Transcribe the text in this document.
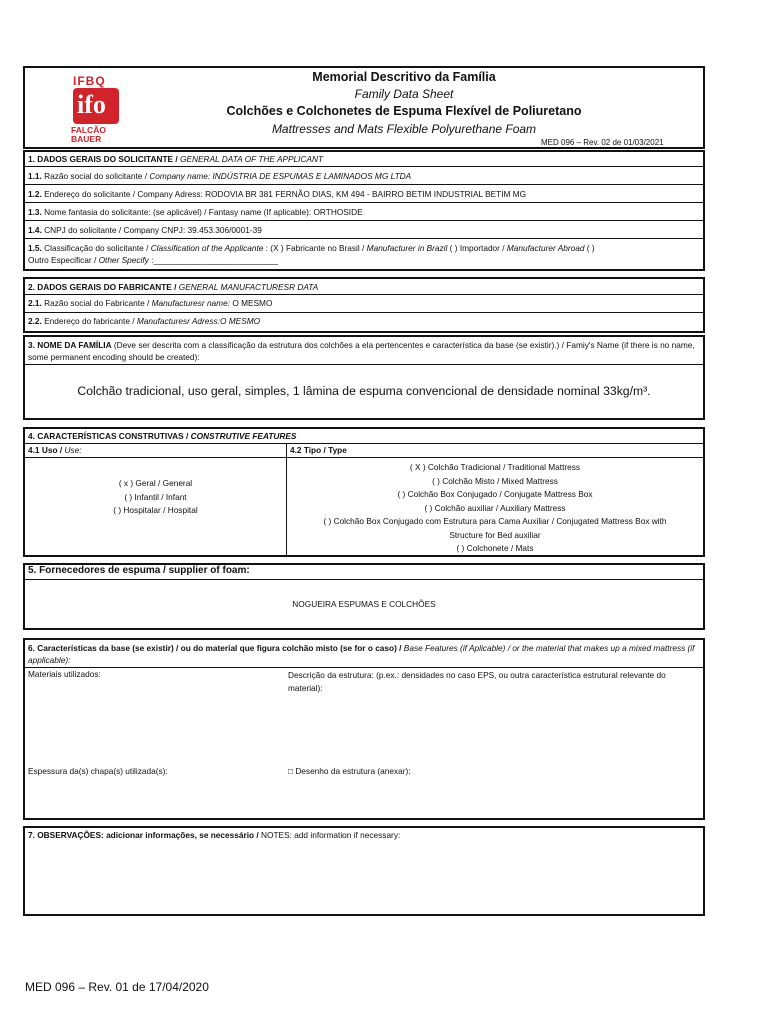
IFBQ
ifo
FALCÃO
BAUER
Memorial Descritivo da Família
Family Data Sheet
Colchões e Colchonetes de Espuma Flexível de Poliuretano
Mattresses and Mats Flexible Polyurethane Foam
MED 096 – Rev. 02 de 01/03/2021
1. DADOS GERAIS DO SOLICITANTE / GENERAL DATA OF THE APPLICANT
1.1. Razão social do solicitante / Company name: INDÚSTRIA DE ESPUMAS E LAMINADOS MG LTDA
1.2. Endereço do solicitante / Company Adress: RODOVIA BR 381 FERNÃO DIAS, KM 494 - BAIRRO BETIM INDUSTRIAL BETIM MG
1.3. Nome fantasia do solicitante: (se aplicável) / Fantasy name (If aplicable): ORTHOSIDE
1.4. CNPJ do solicitante / Company CNPJ: 39.453.306/0001-39
1.5. Classificação do solicitante / Classification of the Applicante : (X ) Fabricante no Brasil / Manufacturer in Brazil ( ) Importador / Manufacturer Abroad ( )
Outro Especificar / Other Specify :___________________________
2. DADOS GERAIS DO FABRICANTE / GENERAL MANUFACTURESR DATA
2.1. Razão social do Fabricante / Manufacturesr name: O MESMO
2.2. Endereço do fabricante / Manufacturesr Adress:O MESMO
3. NOME DA FAMÍLIA (Deve ser descrita com a classificação da estrutura dos colchões a ela pertencentes e característica da base (se existir).) / Famiy's Name (if there is no name, some permanent encoding should be created):
Colchão tradicional, uso geral, simples, 1 lâmina de espuma convencional de densidade nominal 33kg/m³.
4. CARACTERÍSTICAS CONSTRUTIVAS / CONSTRUTIVE FEATURES
4.1 Uso / Use:
( x ) Geral / General
( ) Infantil / Infant
( ) Hospitalar / Hospital
4.2 Tipo / Type
( X ) Colchão Tradicional / Traditional Mattress
( ) Colchão Misto / Mixed Mattress
( ) Colchão Box Conjugado / Conjugate Mattress Box
( ) Colchão auxiliar / Auxiliary Mattress
( ) Colchão Box Conjugado com Estrutura para Cama Auxiliar / Conjugated Mattress Box with
Structure for Bed auxiliar
( ) Colchonete / Mats
5. Fornecedores de espuma / supplier of foam:
NOGUEIRA ESPUMAS E COLCHÕES
6. Características da base (se existir) / ou do material que figura colchão misto (se for o caso) / Base Features (if Aplicable) / or the material that makes up a mixed mattress (if applicable):
Materiais utilizados:	Descrição da estrutura: (p.ex.: densidades no caso EPS, ou outra característica estrutural relevante do material):
Espessura da(s) chapa(s) utilizada(s):	□ Desenho da estrutura (anexar):
7. OBSERVAÇÕES: adicionar informações, se necessário / NOTES: add information if necessary:
MED 096 – Rev. 01 de 17/04/2020
